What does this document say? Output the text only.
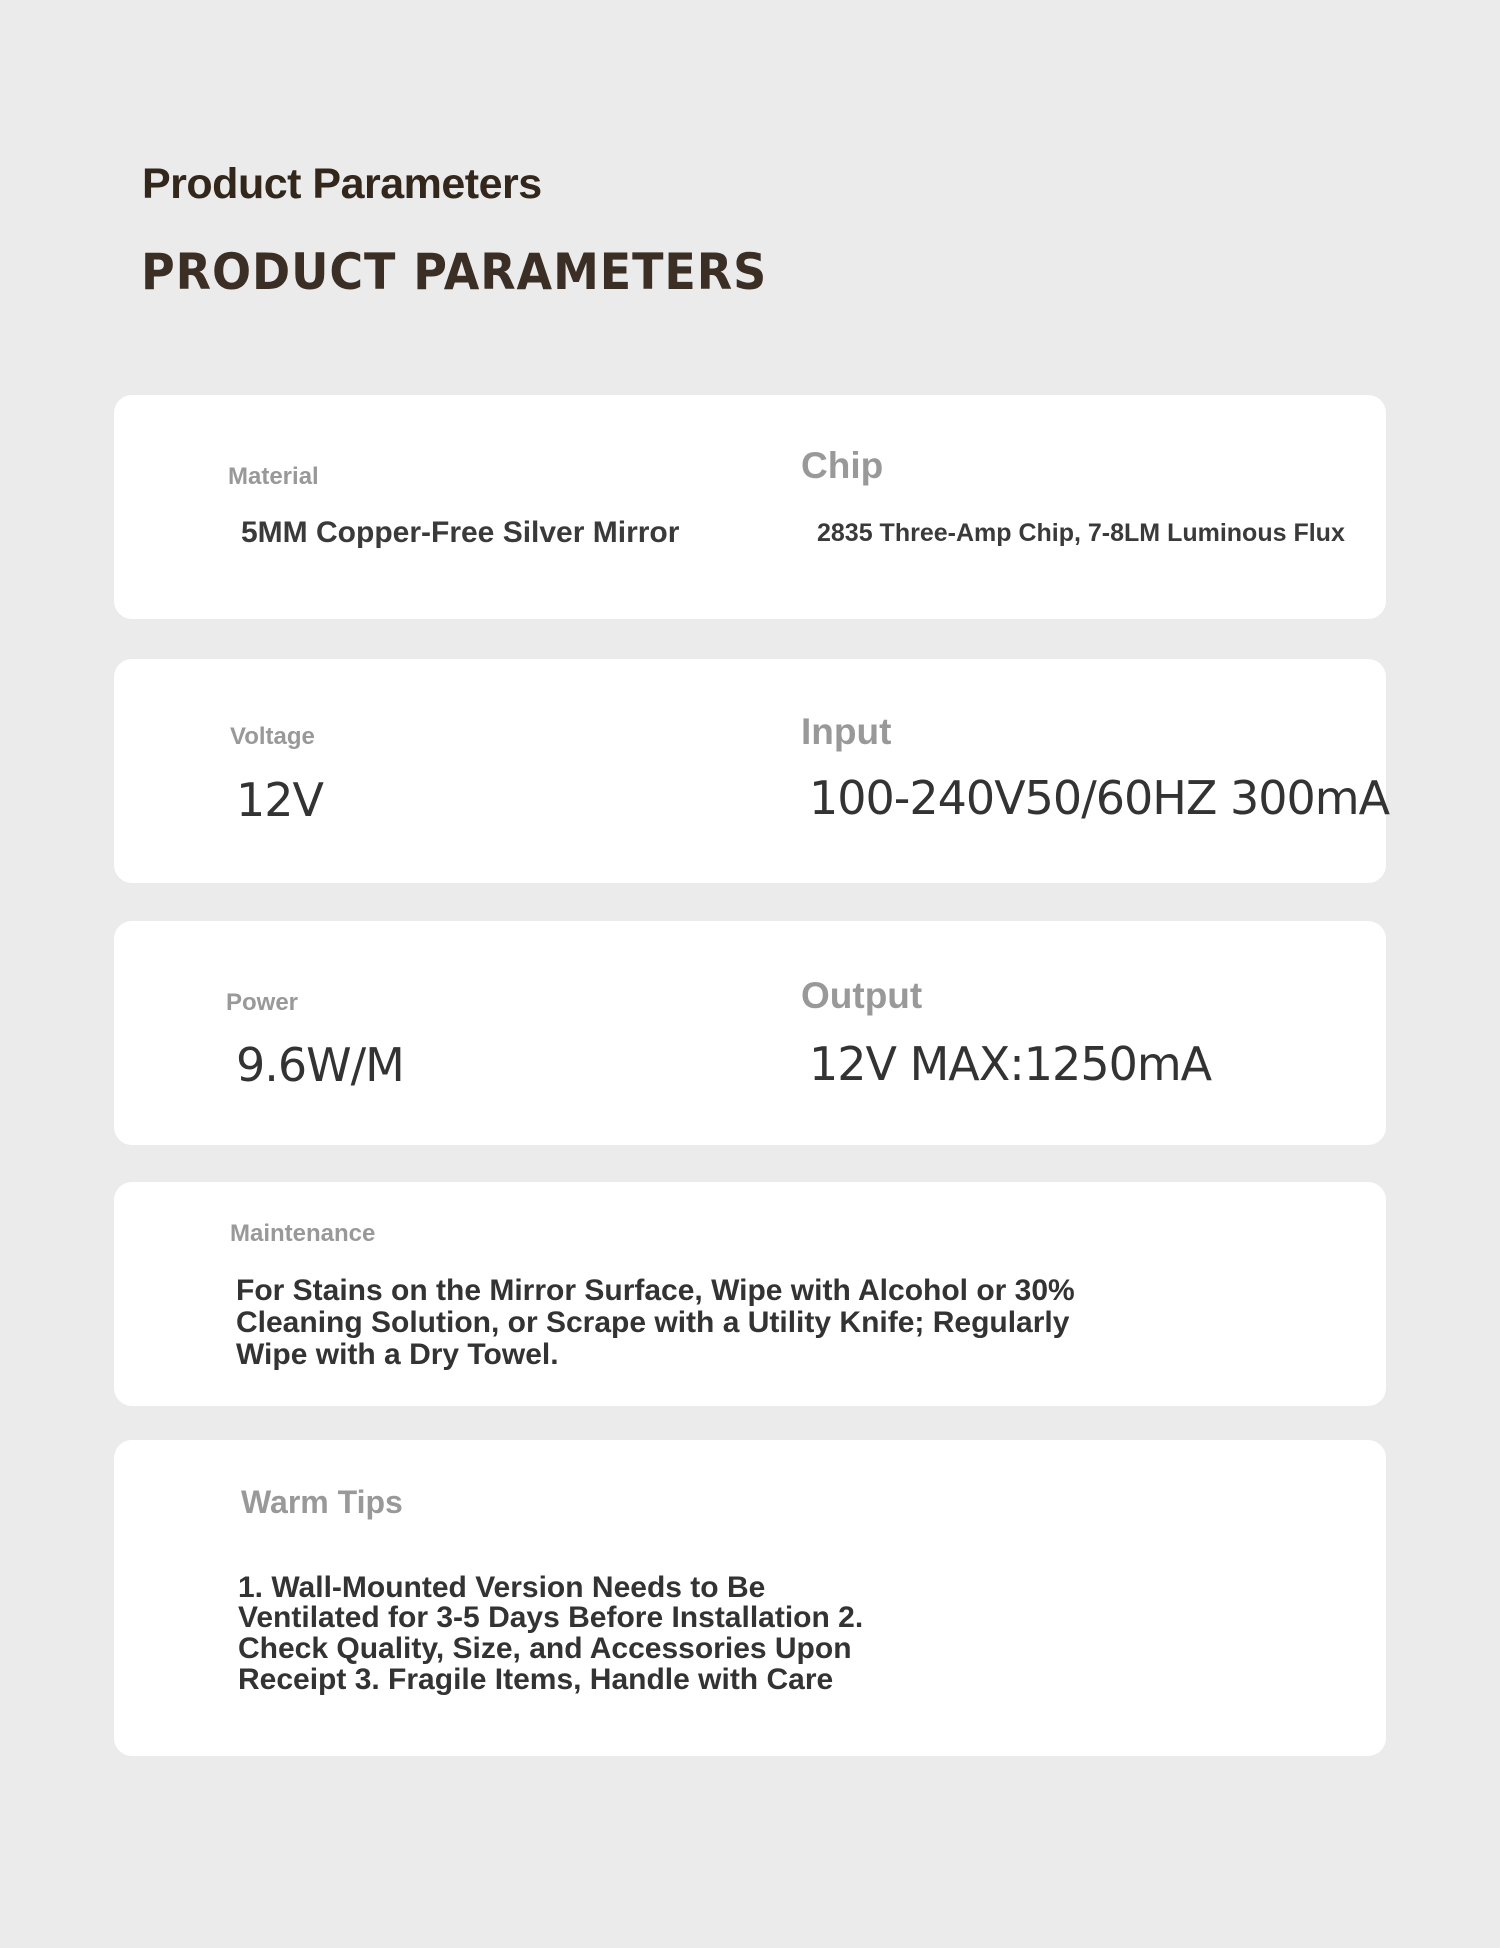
Product Parameters
PRODUCT PARAMETERS
Material
5MM Copper-Free Silver Mirror
Chip
2835 Three-Amp Chip, 7-8LM Luminous Flux
Voltage
12V
Input
100-240V50/60HZ 300mA
Power
9.6W/M
Output
12V MAX:1250mA
Maintenance
For Stains on the Mirror Surface, Wipe with Alcohol or 30%
Cleaning Solution, or Scrape with a Utility Knife; Regularly
Wipe with a Dry Towel.
Warm Tips
1. Wall-Mounted Version Needs to Be
Ventilated for 3-5 Days Before Installation 2.
Check Quality, Size, and Accessories Upon
Receipt 3. Fragile Items, Handle with Care
